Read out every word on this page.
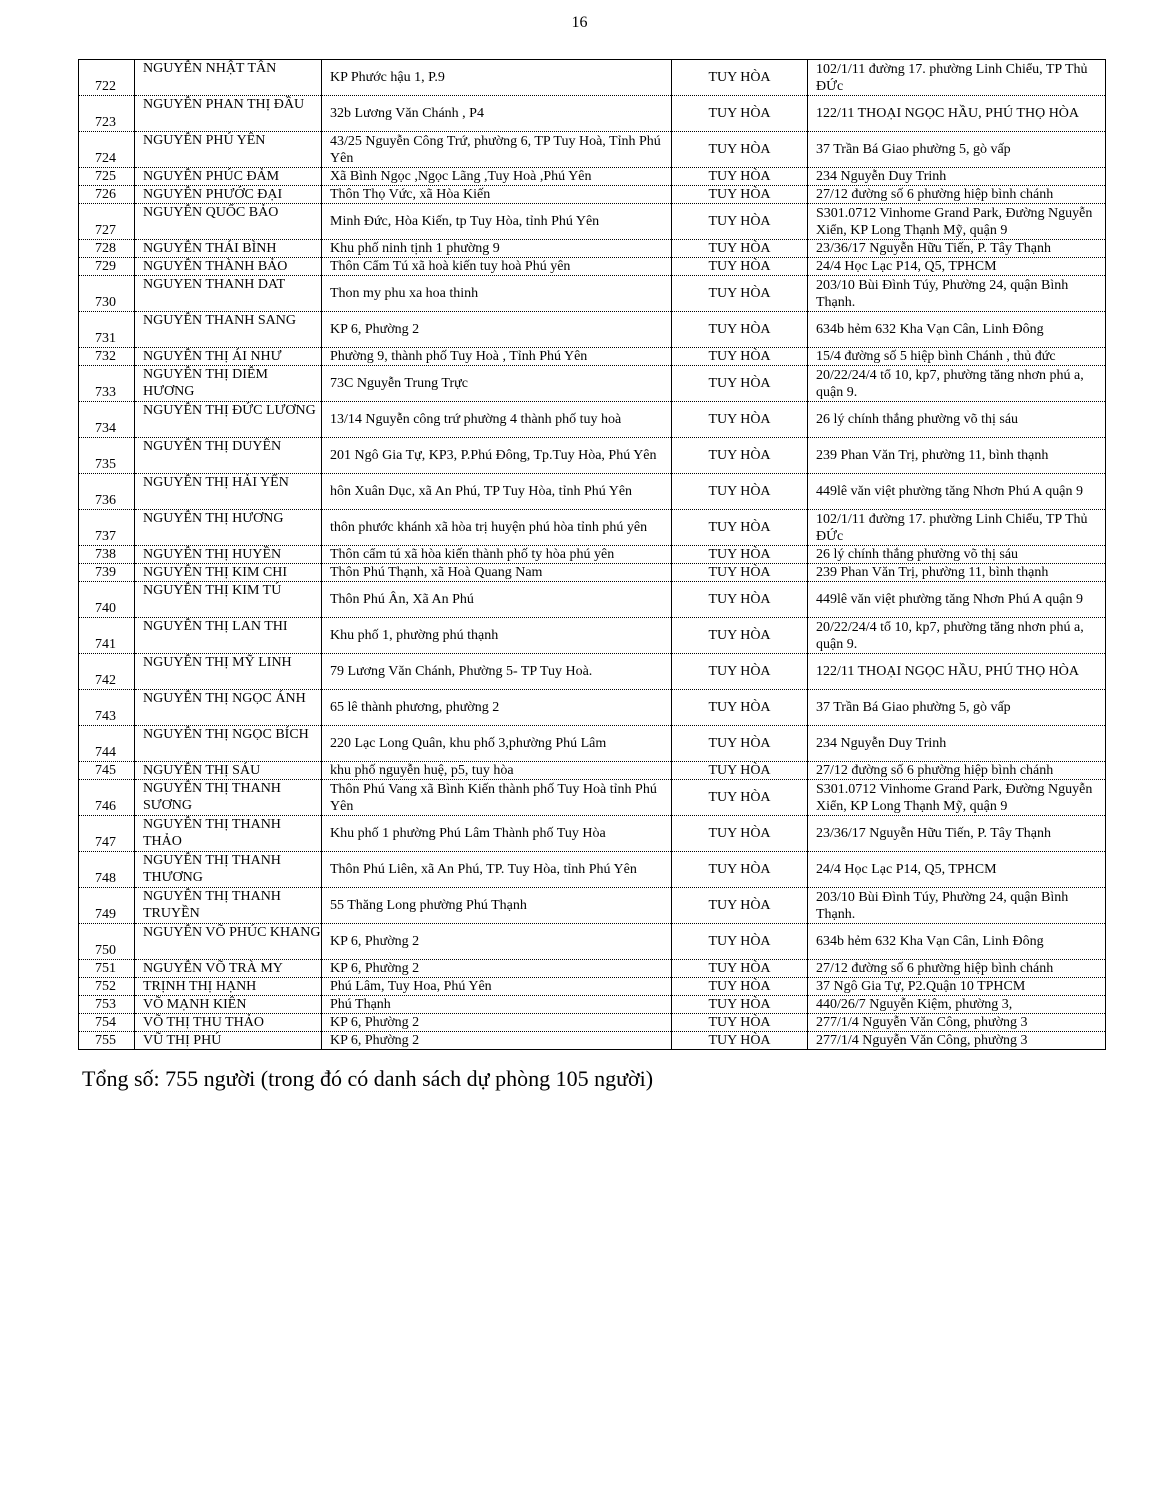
16
722	NGUYỄN NHẬT TÂN	KP Phước hậu 1, P.9	TUY HÒA	102/1/11 đường 17. phường Linh Chiểu, TP Thủ ĐỨc
723	NGUYỄN PHAN THỊ ĐẦU	32b Lương Văn Chánh , P4	TUY HÒA	122/11 THOẠI NGỌC HẦU, PHÚ THỌ HÒA
724	NGUYỄN PHÚ YÊN	43/25 Nguyễn Công Trứ, phường 6, TP Tuy Hoà, Tỉnh Phú Yên	TUY HÒA	37 Trần Bá Giao phường 5, gò vấp
725	NGUYỄN PHÚC ĐẢM	Xã Bình Ngọc ,Ngọc Lãng ,Tuy Hoà ,Phú Yên	TUY HÒA	234 Nguyễn Duy Trinh
726	NGUYỄN PHƯỚC ĐẠI	Thôn Thọ Vức, xã Hòa Kiến	TUY HÒA	27/12 đường số 6 phường hiệp bình chánh
727	NGUYỄN QUỐC BẢO	Minh Đức, Hòa Kiến, tp Tuy Hòa, tỉnh Phú Yên	TUY HÒA	S301.0712 Vinhome Grand Park, Đường Nguyễn Xiển, KP Long Thạnh Mỹ, quận 9
728	NGUYỄN THÁI BÌNH	Khu phố ninh tịnh 1 phường 9	TUY HÒA	23/36/17 Nguyễn Hữu Tiến, P. Tây Thạnh
729	NGUYỄN THÀNH BẢO	Thôn Cẩm Tú xã hoà kiến tuy hoà Phú yên	TUY HÒA	24/4 Học Lạc P14, Q5, TPHCM
730	NGUYEN THANH DAT	Thon my phu xa hoa thinh	TUY HÒA	203/10 Bùi Đình Túy, Phường 24, quận Bình Thạnh.
731	NGUYỄN THANH SANG	KP 6, Phường 2	TUY HÒA	634b hẻm 632 Kha Vạn Cân, Linh Đông
732	NGUYỄN THỊ ÁI NHƯ	Phường 9, thành phố Tuy Hoà , Tỉnh Phú Yên	TUY HÒA	15/4 đường số 5 hiệp bình Chánh , thủ đức
733	NGUYỄN THỊ DIỄM HƯƠNG	73C Nguyễn Trung Trực	TUY HÒA	20/22/24/4 tổ 10, kp7, phường tăng nhơn phú a, quận 9.
734	NGUYỄN THỊ ĐỨC LƯƠNG	13/14 Nguyễn công trứ phường 4 thành phố tuy hoà	TUY HÒA	26 lý chính thắng phường võ thị sáu
735	NGUYỄN THỊ DUYÊN	201 Ngô Gia Tự, KP3, P.Phú Đông, Tp.Tuy Hòa, Phú Yên	TUY HÒA	239 Phan Văn Trị, phường 11, bình thạnh
736	NGUYỄN THỊ HẢI YẾN	hôn Xuân Dục, xã An Phú, TP Tuy Hòa, tỉnh Phú Yên	TUY HÒA	449lê văn việt phường tăng Nhơn Phú A quận 9
737	NGUYỄN THỊ HƯƠNG	thôn phước khánh xã hòa trị huyện phú hòa tỉnh phú yên	TUY HÒA	102/1/11 đường 17. phường Linh Chiểu, TP Thủ ĐỨc
738	NGUYỄN THỊ HUYỀN	Thôn cẩm tú xã hòa kiến thành phố ty hòa phú yên	TUY HÒA	26 lý chính thắng phường võ thị sáu
739	NGUYỄN THỊ KIM CHI	Thôn Phú Thạnh, xã Hoà Quang Nam	TUY HÒA	239 Phan Văn Trị, phường 11, bình thạnh
740	NGUYỄN THỊ KIM TÚ	Thôn Phú Ân, Xã An Phú	TUY HÒA	449lê văn việt phường tăng Nhơn Phú A quận 9
741	NGUYỄN THỊ LAN THI	Khu phố 1, phường phú thạnh	TUY HÒA	20/22/24/4 tổ 10, kp7, phường tăng nhơn phú a, quận 9.
742	NGUYỄN THỊ MỸ LINH	79 Lương Văn Chánh, Phường 5- TP Tuy Hoà.	TUY HÒA	122/11 THOẠI NGỌC HẦU, PHÚ THỌ HÒA
743	NGUYỄN THỊ NGỌC ÁNH	65 lê thành phương, phường 2	TUY HÒA	37 Trần Bá Giao phường 5, gò vấp
744	NGUYỄN THỊ NGỌC BÍCH	220 Lạc Long Quân, khu phố 3,phường Phú Lâm	TUY HÒA	234 Nguyễn Duy Trinh
745	NGUYỄN THỊ SÁU	khu phố nguyễn huệ, p5, tuy hòa	TUY HÒA	27/12 đường số 6 phường hiệp bình chánh
746	NGUYỄN THỊ THANH SƯƠNG	Thôn Phú Vang xã Bình Kiến thành phố Tuy Hoà tỉnh Phú Yên	TUY HÒA	S301.0712 Vinhome Grand Park, Đường Nguyễn Xiển, KP Long Thạnh Mỹ, quận 9
747	NGUYỄN THỊ THANH THẢO	Khu phố 1 phường Phú Lâm Thành phố Tuy Hòa	TUY HÒA	23/36/17 Nguyễn Hữu Tiến, P. Tây Thạnh
748	NGUYỄN THỊ THANH THƯƠNG	Thôn Phú Liên, xã An Phú, TP. Tuy Hòa, tỉnh Phú Yên	TUY HÒA	24/4 Học Lạc P14, Q5, TPHCM
749	NGUYỄN THỊ THANH TRUYỀN	55 Thăng Long phường Phú Thạnh	TUY HÒA	203/10 Bùi Đình Túy, Phường 24, quận Bình Thạnh.
750	NGUYỄN VÕ PHÚC KHANG	KP 6, Phường 2	TUY HÒA	634b hẻm 632 Kha Vạn Cân, Linh Đông
751	NGUYỄN VÕ TRÀ MY	KP 6, Phường 2	TUY HÒA	27/12 đường số 6 phường hiệp bình chánh
752	TRỊNH THỊ HẠNH	Phú Lâm, Tuy Hoa, Phú Yên	TUY HÒA	37 Ngô Gia Tự, P2.Quận 10 TPHCM
753	VÕ MẠNH KIÊN	Phú Thạnh	TUY HÒA	440/26/7 Nguyễn Kiệm, phường 3,
754	VÕ THỊ THU THẢO	KP 6, Phường 2	TUY HÒA	277/1/4 Nguyễn Văn Công, phường 3
755	VŨ THỊ PHÚ	KP 6, Phường 2	TUY HÒA	277/1/4 Nguyễn Văn Công, phường 3
Tổng số: 755 người (trong đó có danh sách dự phòng 105 người)
